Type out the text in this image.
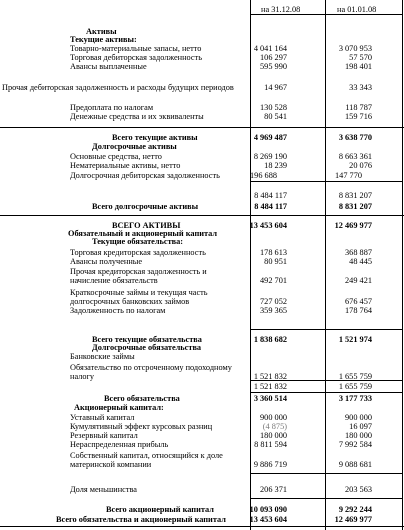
на 31.12.08	на 01.01.08
Активы
Текущие активы:
Товарно-материальные запасы, нетто	4 041 164	3 070 953
Торговая дебиторская задолженность	106 297	57 570
Авансы выплаченные	595 990	198 401
Прочая дебиторская задолженность и расходы будущих периодов	14 967	33 343
Предоплата по налогам	130 528	118 787
Денежные средства и их эквиваленты	80 541	159 716
Всего текущие активы	4 969 487	3 638 770
Долгосрочные активы
Основные средства, нетто	8 269 190	8 663 361
Нематериальные активы, нетто	18 239	20 076
Долгосрочная дебиторская задолженность	196 688	147 770
8 484 117	8 831 207
Всего долгосрочные активы	8 484 117	8 831 207
ВСЕГО АКТИВЫ	13 453 604	12 469 977
Обязательный и акционерный капитал
Текущие обязательства:
Торговая кредиторская задолженность	178 613	368 887
Авансы полученные	80 951	48 445
Прочая кредиторская задолженность и
начисление обязательств	492 701	249 421
Краткосрочные займы и текущая часть
долгосрочных банковских займов	727 052	676 457
Задолженность по налогам	359 365	178 764
Всего текущие обязательства	1 838 682	1 521 974
Долгосрочные обязательства
Банковские займы
Обязательство по отсроченному подоходному
налогу	1 521 832	1 655 759
1 521 832	1 655 759
Всего обязательства	3 360 514	3 177 733
Акционерный капитал:
Уставный капитал	900 000	900 000
Кумулятивный эффект курсовых разниц	(4 875)	16 097
Резервный капитал	180 000	180 000
Нераспределенная прибыль	8 811 594	7 992 584
Собственный капитал, относящийся к доле
материнской компании	9 886 719	9 088 681
Доля меньшинства	206 371	203 563
Всего акционерный капитал	10 093 090	9 292 244
Всего обязательства и акционерный капитал	13 453 604	12 469 977
